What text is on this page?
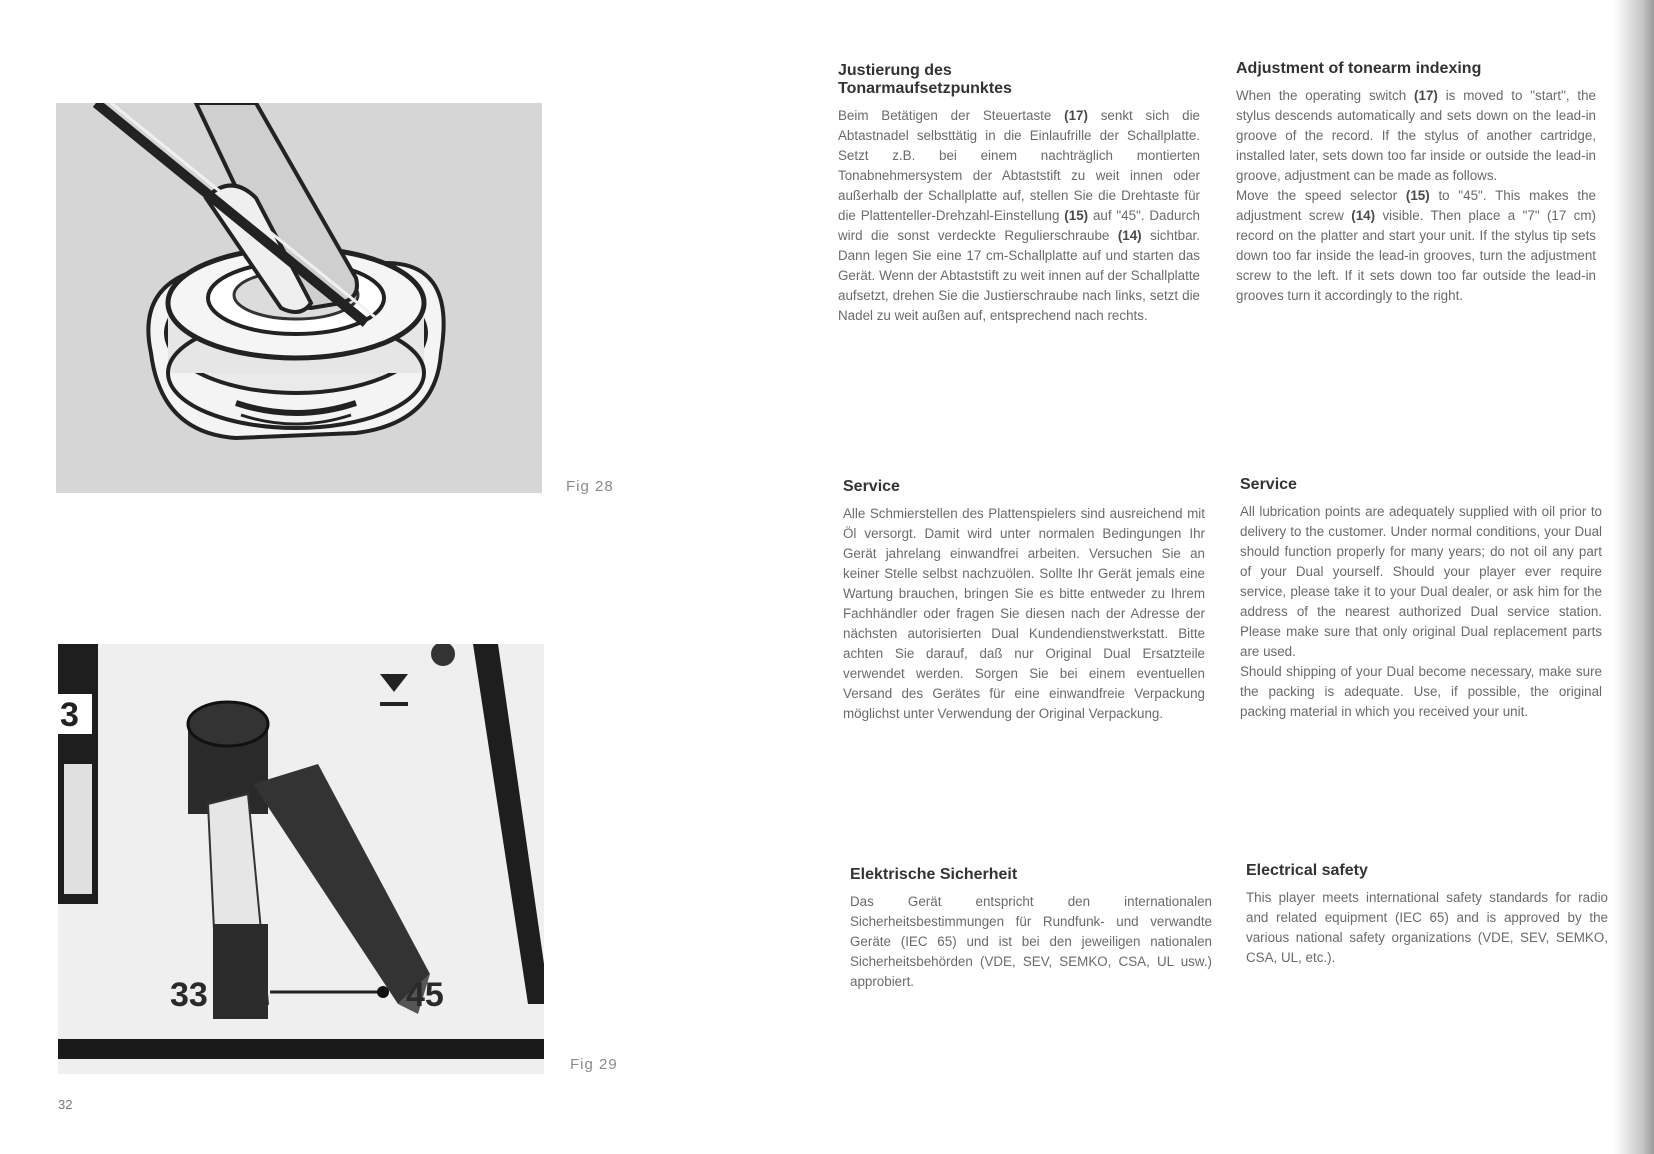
Fig 28
33	45
3
Fig 29
32
Justierung des Tonarmaufsetzpunktes

Beim Betätigen der Steuertaste (17) senkt sich die Abtastnadel selbsttätig in die Einlaufrille der Schallplatte. Setzt z.B. bei einem nachträglich montierten Tonabnehmersystem der Abtaststift zu weit innen oder außerhalb der Schallplatte auf, stellen Sie die Drehtaste für die Plattenteller-Drehzahl-Einstellung (15) auf "45". Dadurch wird die sonst verdeckte Regulierschraube (14) sichtbar. Dann legen Sie eine 17 cm-Schallplatte auf und starten das Gerät. Wenn der Abtaststift zu weit innen auf der Schallplatte aufsetzt, drehen Sie die Justierschraube nach links, setzt die Nadel zu weit außen auf, entsprechend nach rechts.

Adjustment of tonearm indexing

When the operating switch (17) is moved to "start", the stylus descends automatically and sets down on the lead-in groove of the record. If the stylus of another cartridge, installed later, sets down too far inside or outside the lead-in groove, adjustment can be made as follows.

Move the speed selector (15) to "45". This makes the adjustment screw (14) visible. Then place a "7" (17 cm) record on the platter and start your unit. If the stylus tip sets down too far inside the lead-in grooves, turn the adjustment screw to the left. If it sets down too far outside the lead-in grooves turn it accordingly to the right.

Service

Alle Schmierstellen des Plattenspielers sind ausreichend mit Öl versorgt. Damit wird unter normalen Bedingungen Ihr Gerät jahrelang einwandfrei arbeiten. Versuchen Sie an keiner Stelle selbst nachzuölen. Sollte Ihr Gerät jemals eine Wartung brauchen, bringen Sie es bitte entweder zu Ihrem Fachhändler oder fragen Sie diesen nach der Adresse der nächsten autorisierten Dual Kundendienstwerkstatt. Bitte achten Sie darauf, daß nur Original Dual Ersatzteile verwendet werden. Sorgen Sie bei einem eventuellen Versand des Gerätes für eine einwandfreie Verpackung möglichst unter Verwendung der Original Verpackung.

Service

All lubrication points are adequately supplied with oil prior to delivery to the customer. Under normal conditions, your Dual should function properly for many years; do not oil any part of your Dual yourself. Should your player ever require service, please take it to your Dual dealer, or ask him for the address of the nearest authorized Dual service station. Please make sure that only original Dual replacement parts are used.

Should shipping of your Dual become necessary, make sure the packing is adequate. Use, if possible, the original packing material in which you received your unit.

Elektrische Sicherheit

Das Gerät entspricht den internationalen Sicherheitsbestimmungen für Rundfunk- und verwandte Geräte (IEC 65) und ist bei den jeweiligen nationalen Sicherheitsbehörden (VDE, SEV, SEMKO, CSA, UL usw.) approbiert.

Electrical safety

This player meets international safety standards for radio and related equipment (IEC 65) and is approved by the various national safety organizations (VDE, SEV, SEMKO, CSA, UL, etc.).
